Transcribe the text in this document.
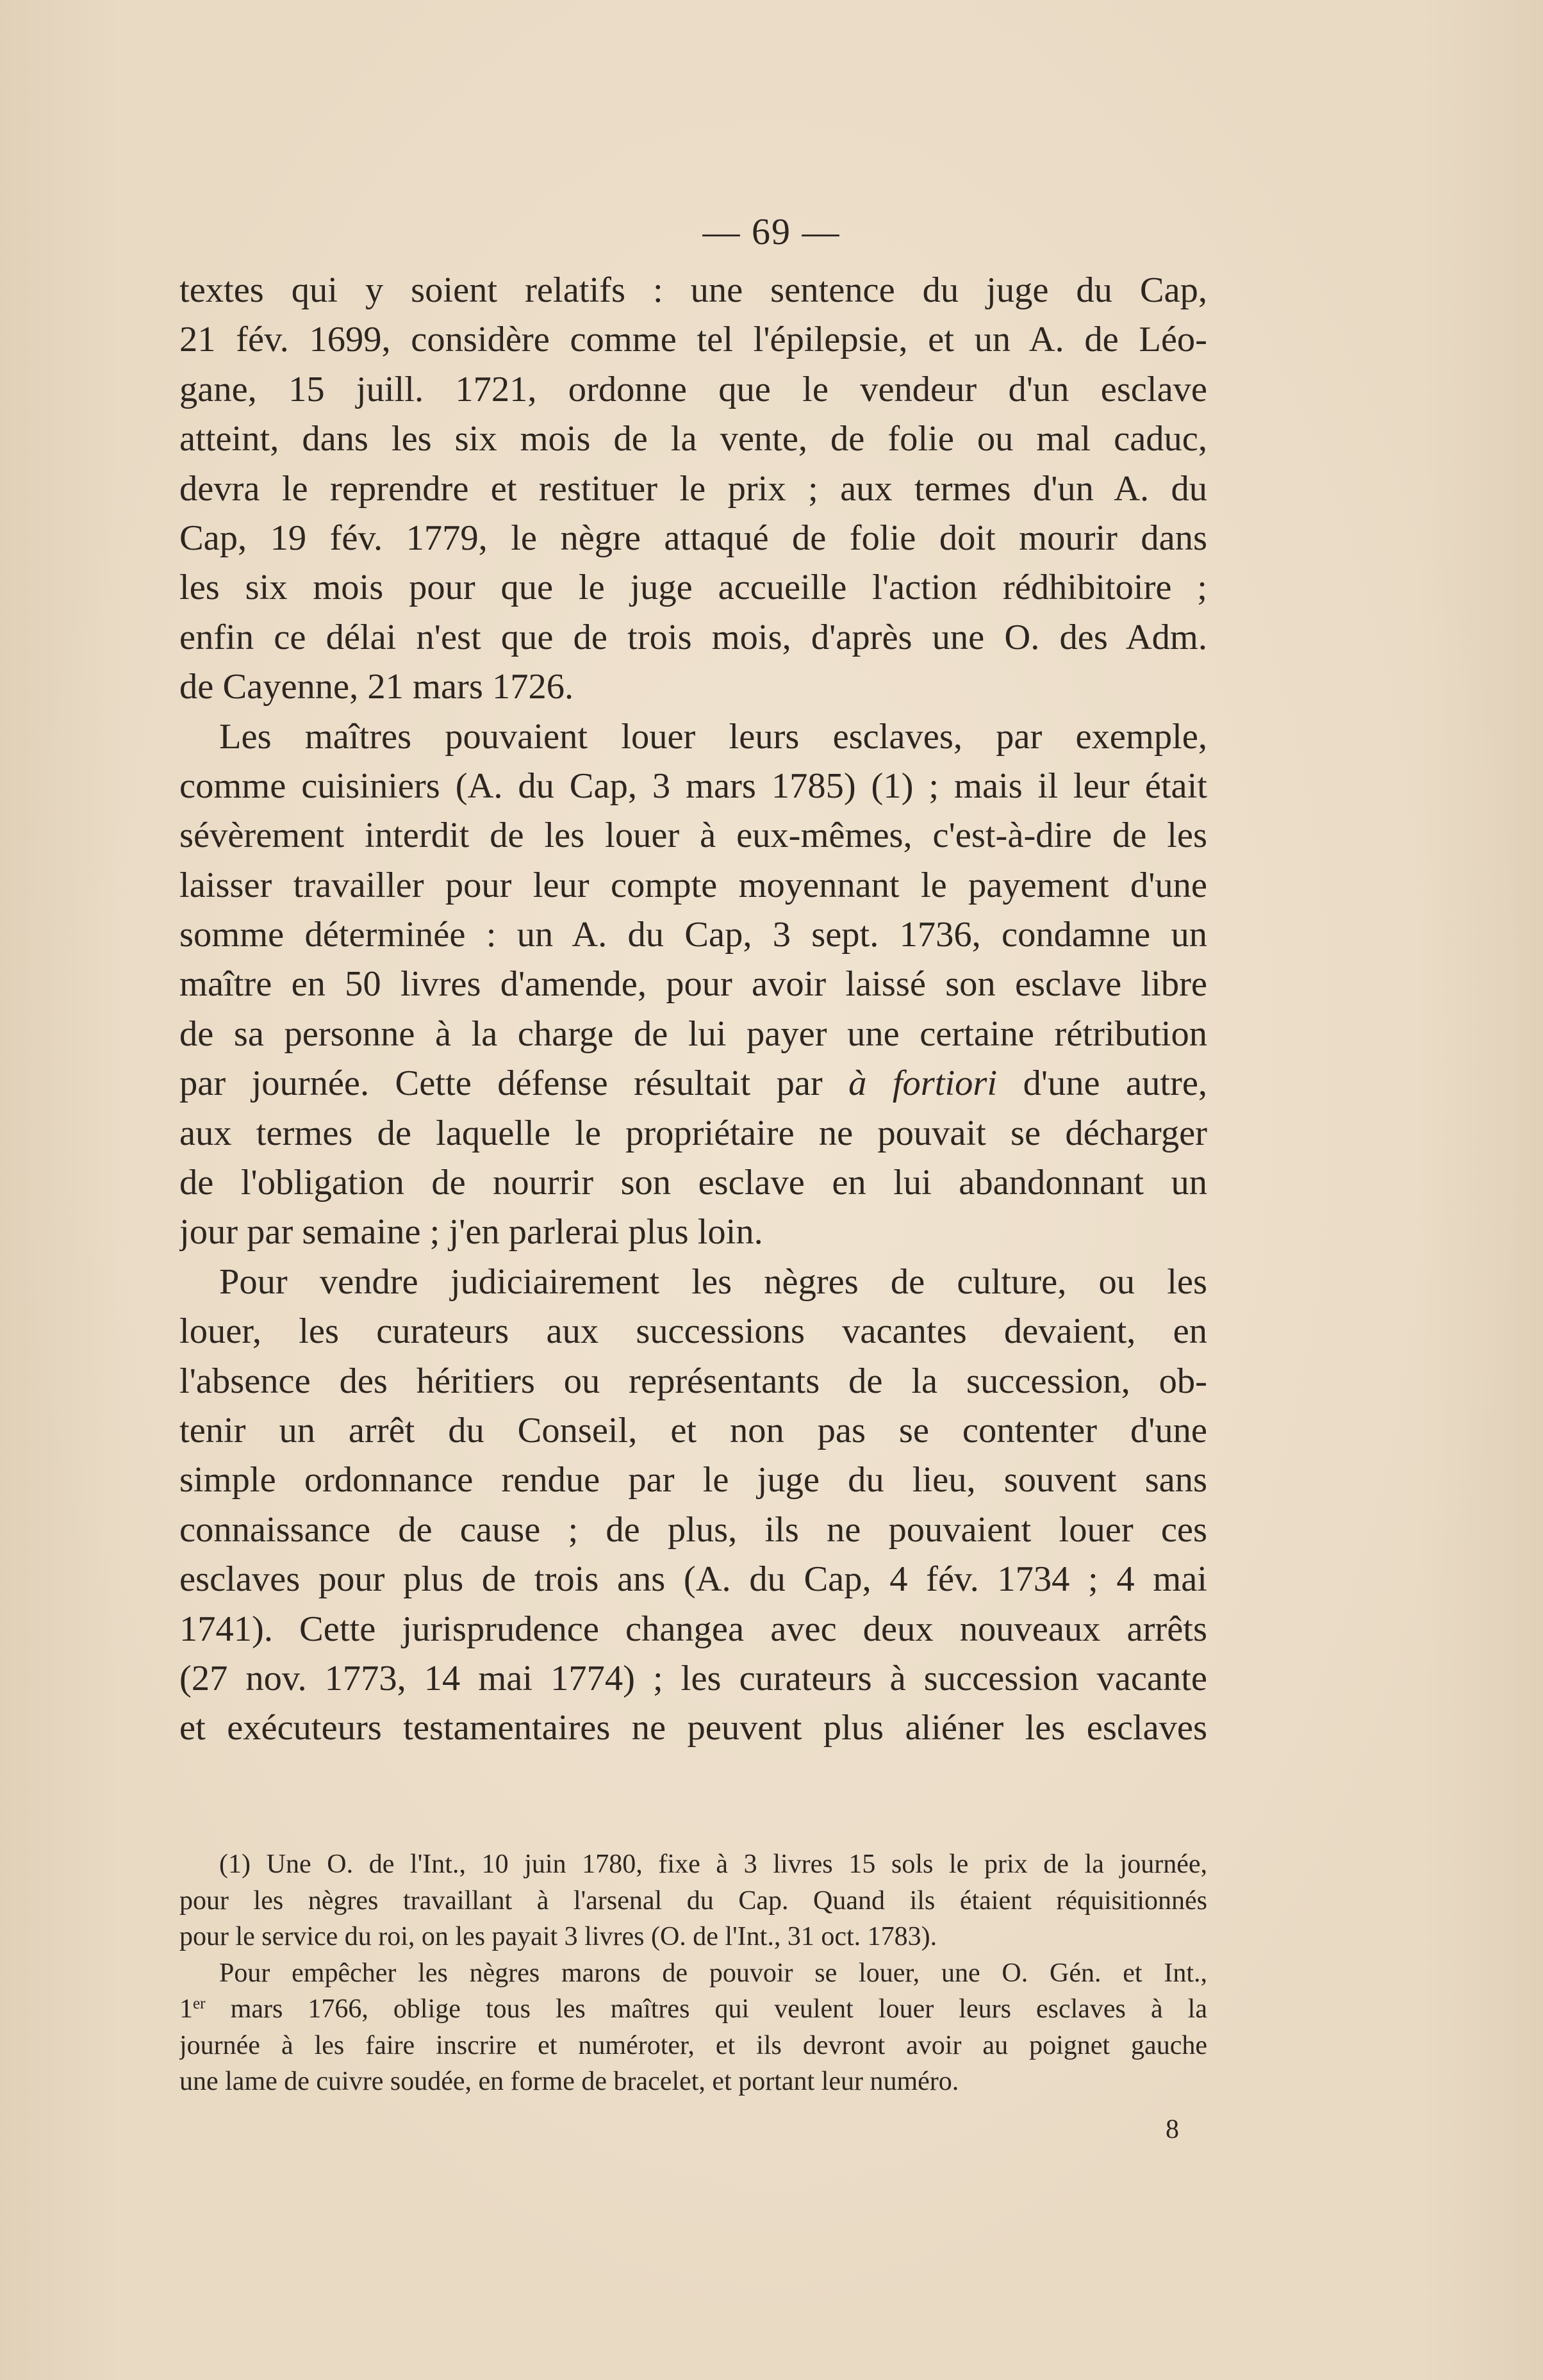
— 69 —
textes qui y soient relatifs : une sentence du juge du Cap,
21 fév. 1699, considère comme tel l'épilepsie, et un A. de Léo-
gane, 15 juill. 1721, ordonne que le vendeur d'un esclave
atteint, dans les six mois de la vente, de folie ou mal caduc,
devra le reprendre et restituer le prix ; aux termes d'un A. du
Cap, 19 fév. 1779, le nègre attaqué de folie doit mourir dans
les six mois pour que le juge accueille l'action rédhibitoire ;
enfin ce délai n'est que de trois mois, d'après une O. des Adm.
de Cayenne, 21 mars 1726.
Les maîtres pouvaient louer leurs esclaves, par exemple,
comme cuisiniers (A. du Cap, 3 mars 1785) (1) ; mais il leur était
sévèrement interdit de les louer à eux-mêmes, c'est-à-dire de les
laisser travailler pour leur compte moyennant le payement d'une
somme déterminée : un A. du Cap, 3 sept. 1736, condamne un
maître en 50 livres d'amende, pour avoir laissé son esclave libre
de sa personne à la charge de lui payer une certaine rétribution
par journée. Cette défense résultait par à fortiori d'une autre,
aux termes de laquelle le propriétaire ne pouvait se décharger
de l'obligation de nourrir son esclave en lui abandonnant un
jour par semaine ; j'en parlerai plus loin.
Pour vendre judiciairement les nègres de culture, ou les
louer, les curateurs aux successions vacantes devaient, en
l'absence des héritiers ou représentants de la succession, ob-
tenir un arrêt du Conseil, et non pas se contenter d'une
simple ordonnance rendue par le juge du lieu, souvent sans
connaissance de cause ; de plus, ils ne pouvaient louer ces
esclaves pour plus de trois ans (A. du Cap, 4 fév. 1734 ; 4 mai
1741). Cette jurisprudence changea avec deux nouveaux arrêts
(27 nov. 1773, 14 mai 1774) ; les curateurs à succession vacante
et exécuteurs testamentaires ne peuvent plus aliéner les esclaves
(1) Une O. de l'Int., 10 juin 1780, fixe à 3 livres 15 sols le prix de la journée,
pour les nègres travaillant à l'arsenal du Cap. Quand ils étaient réquisitionnés
pour le service du roi, on les payait 3 livres (O. de l'Int., 31 oct. 1783).
Pour empêcher les nègres marons de pouvoir se louer, une O. Gén. et Int.,
1er mars 1766, oblige tous les maîtres qui veulent louer leurs esclaves à la
journée à les faire inscrire et numéroter, et ils devront avoir au poignet gauche
une lame de cuivre soudée, en forme de bracelet, et portant leur numéro.
8
